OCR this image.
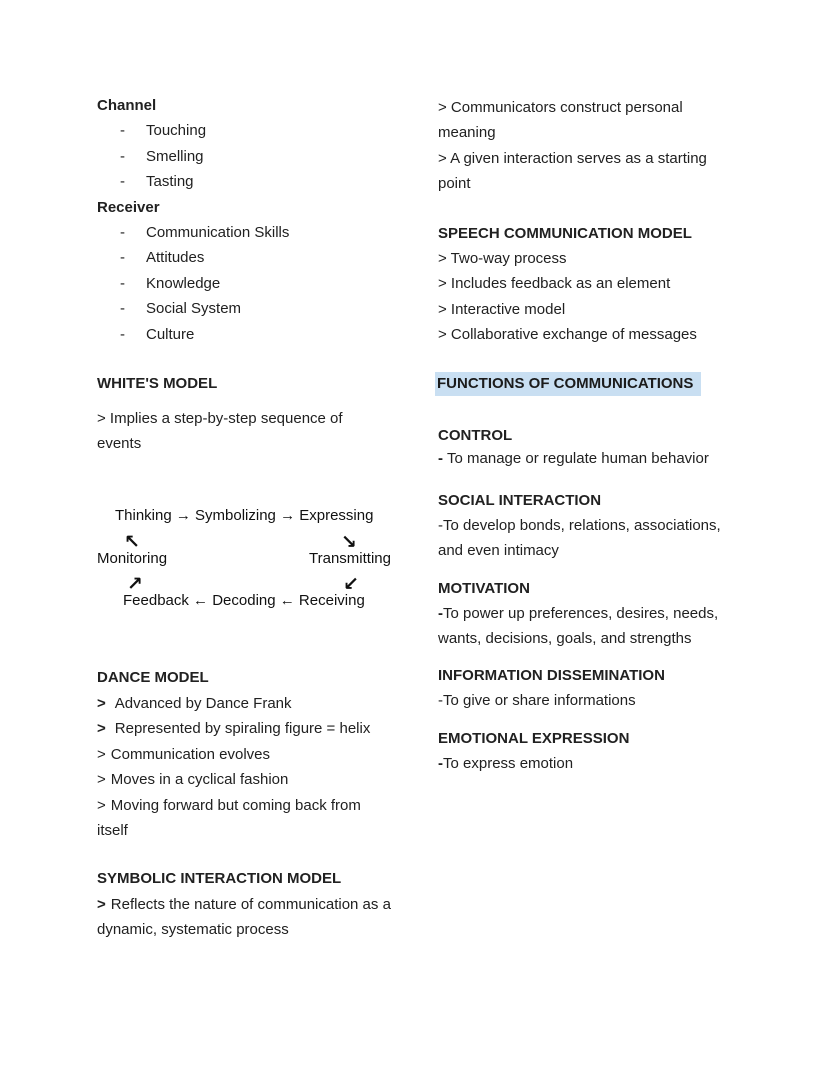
Channel
-	Touching
-	Smelling
-	Tasting
Receiver
-	Communication Skills
-	Attitudes
-	Knowledge
-	Social System
-	Culture
WHITE'S MODEL
> Implies a step-by-step sequence of events
Thinking → Symbolizing → Expressing
↖	↘
Monitoring	Transmitting
↗	↙
Feedback ← Decoding ← Receiving
DANCE MODEL
> Advanced by Dance Frank
> Represented by spiraling figure = helix
> Communication evolves
> Moves in a cyclical fashion
> Moving forward but coming back from itself
SYMBOLIC INTERACTION MODEL
> Reflects the nature of communication as a dynamic, systematic process
> Communicators construct personal meaning
> A given interaction serves as a starting point
SPEECH COMMUNICATION MODEL
> Two-way process
> Includes feedback as an element
> Interactive model
> Collaborative exchange of messages
FUNCTIONS OF COMMUNICATIONS
CONTROL
- To manage or regulate human behavior
SOCIAL INTERACTION
-To develop bonds, relations, associations, and even intimacy
MOTIVATION
-To power up preferences, desires, needs, wants, decisions, goals, and strengths
INFORMATION DISSEMINATION
-To give or share informations
EMOTIONAL EXPRESSION
-To express emotion
